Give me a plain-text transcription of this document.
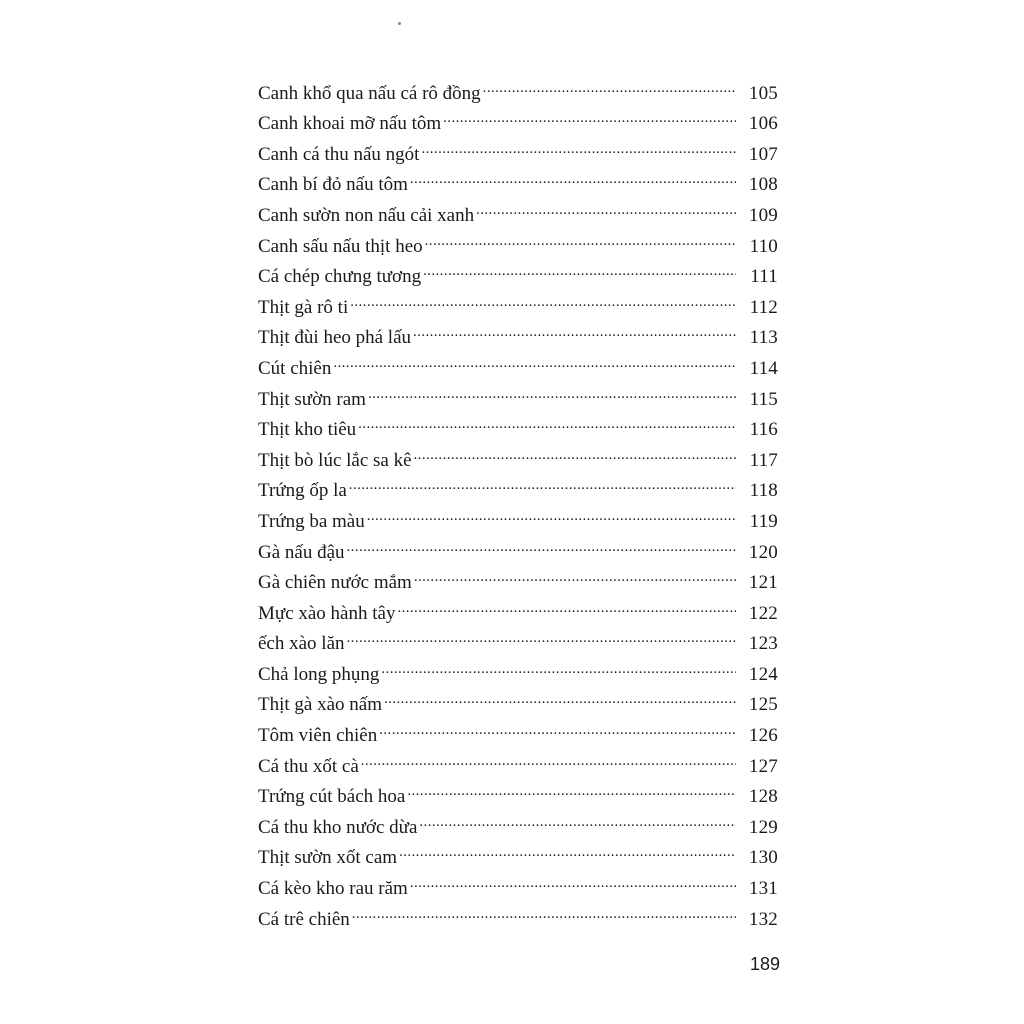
Canh khổ qua nấu cá rô đồng .....	105
Canh khoai mỡ nấu tôm .....	106
Canh cá thu nấu ngót .....	107
Canh bí đỏ nấu tôm .....	108
Canh sườn non nấu cải xanh .....	109
Canh sấu nấu thịt heo .....	110
Cá chép chưng tương .....	111
Thịt gà rô ti .....	112
Thịt đùi heo phá lấu .....	113
Cút chiên .....	114
Thịt sườn ram .....	115
Thịt kho tiêu .....	116
Thịt bò lúc lắc sa kê .....	117
Trứng ốp la .....	118
Trứng ba màu .....	119
Gà nấu đậu .....	120
Gà chiên nước mắm .....	121
Mực xào hành tây .....	122
ếch xào lăn .....	123
Chả long phụng .....	124
Thịt gà xào nấm .....	125
Tôm viên chiên .....	126
Cá thu xốt cà .....	127
Trứng cút bách hoa .....	128
Cá thu kho nước dừa .....	129
Thịt sườn xốt cam .....	130
Cá kèo kho rau răm .....	131
Cá trê chiên .....	132
189
